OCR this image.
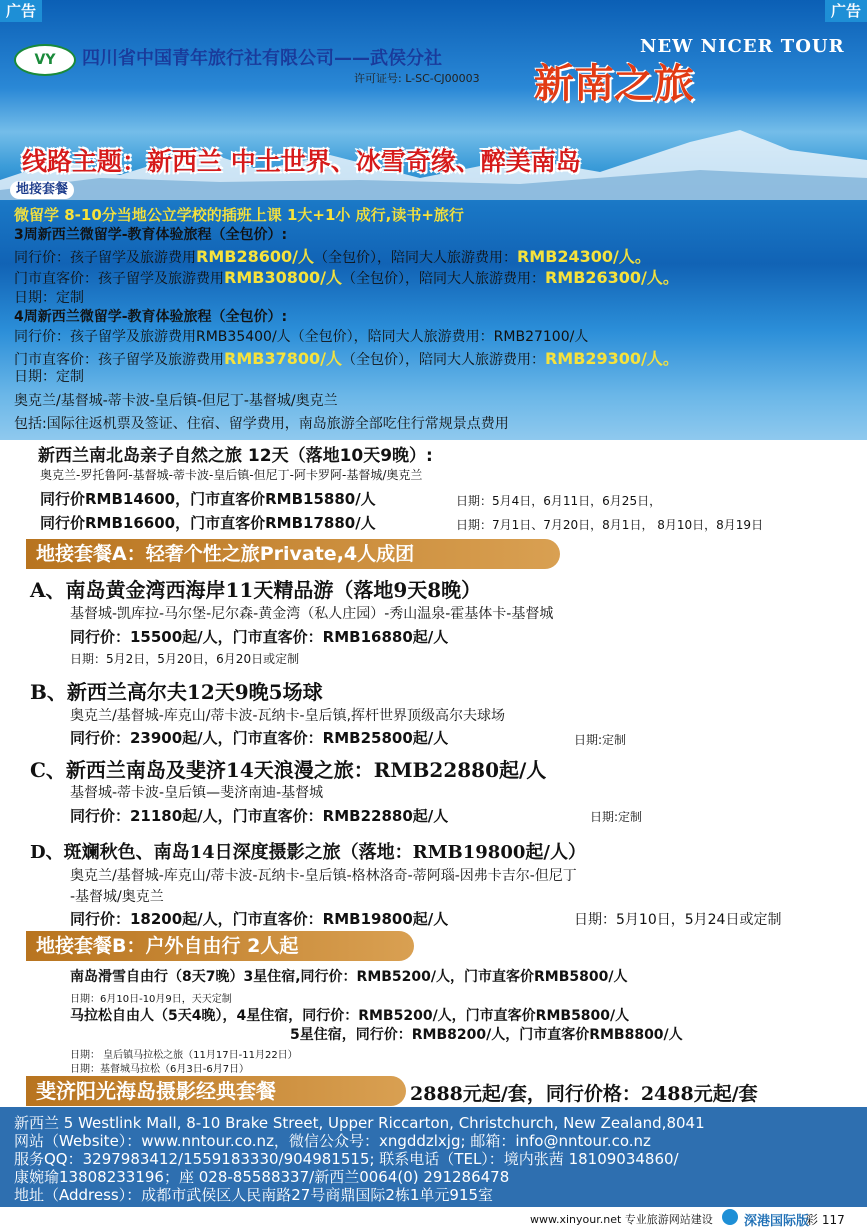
VY	四川省中国青年旅行社有限公司——武侯分社
许可证号: L-SC-CJ00003
NEW NICER TOUR
新南之旅
线路主题：新西兰 中土世界、冰雪奇缘、醉美南岛
地接套餐
微留学 8-10分当地公立学校的插班上课 1大+1小 成行,读书+旅行
3周新西兰微留学-教育体验旅程（全包价）:
同行价：孩子留学及旅游费用RMB28600/人（全包价），陪同大人旅游费用：RMB24300/人。
门市直客价：孩子留学及旅游费用RMB30800/人（全包价），陪同大人旅游费用：RMB26300/人。
日期：定制
4周新西兰微留学-教育体验旅程（全包价）:
同行价：孩子留学及旅游费用RMB35400/人（全包价），陪同大人旅游费用：RMB27100/人
门市直客价：孩子留学及旅游费用RMB37800/人（全包价），陪同大人旅游费用：RMB29300/人。
日期：定制
奥克兰/基督城-蒂卡波-皇后镇-但尼丁-基督城/奥克兰
包括:国际往返机票及签证、住宿、留学费用，南岛旅游全部吃住行常规景点费用
广告	广告
新西兰南北岛亲子自然之旅 12天（落地10天9晚）:
奥克兰-罗托鲁阿-基督城-蒂卡波-皇后镇-但尼丁-阿卡罗阿-基督城/奥克兰
同行价RMB14600，门市直客价RMB15880/人	日期：5月4日，6月11日，6月25日，
同行价RMB16600，门市直客价RMB17880/人	日期：7月1日、7月20日，8月1日， 8月10日，8月19日
地接套餐A：轻奢个性之旅Private,4人成团
A、南岛黄金湾西海岸11天精品游（落地9天8晚）
基督城-凯库拉-马尔堡-尼尔森-黄金湾（私人庄园）-秀山温泉-霍基体卡-基督城
同行价：15500起/人，门市直客价：RMB16880起/人
日期：5月2日，5月20日，6月20日或定制
B、新西兰高尔夫12天9晚5场球
奥克兰/基督城-库克山/蒂卡波-瓦纳卡-皇后镇,挥杆世界顶级高尔夫球场
同行价：23900起/人，门市直客价：RMB25800起/人	日期:定制
C、新西兰南岛及斐济14天浪漫之旅：RMB22880起/人
基督城-蒂卡波-皇后镇—斐济南迪-基督城
同行价：21180起/人，门市直客价：RMB22880起/人	日期:定制
D、斑斓秋色、南岛14日深度摄影之旅（落地：RMB19800起/人）
奥克兰/基督城-库克山/蒂卡波-瓦纳卡-皇后镇-格林洛奇-蒂阿瑙-因弗卡吉尔-但尼丁
-基督城/奥克兰
同行价：18200起/人，门市直客价：RMB19800起/人	日期：5月10日，5月24日或定制
地接套餐B：户外自由行 2人起
南岛滑雪自由行（8天7晚）3星住宿,同行价：RMB5200/人，门市直客价RMB5800/人
日期：6月10日-10月9日，天天定制
马拉松自由人（5天4晚），4星住宿，同行价：RMB5200/人，门市直客价RMB5800/人
5星住宿，同行价：RMB8200/人，门市直客价RMB8800/人
日期： 皇后镇马拉松之旅（11月17日-11月22日）
日期：基督城马拉松（6月3日-6月7日）
斐济阳光海岛摄影经典套餐	2888元起/套，同行价格：2488元起/套
新西兰 5 Westlink Mall, 8-10 Brake Street, Upper Riccarton, Christchurch, New Zealand,8041
网站（Website）：www.nntour.co.nz，微信公众号：xngddzlxjg; 邮箱：info@nntour.co.nz
服务QQ：3297983412/1559183330/904981515; 联系电话（TEL）：境内张茜 18109034860/
康婉瑜13808233196；座 028-85588337/新西兰0064(0) 291286478
地址（Address）：成都市武侯区人民南路27号商鼎国际2栋1单元915室
www.xinyour.net 专业旅游网站建设 深港国际版
彩 117
